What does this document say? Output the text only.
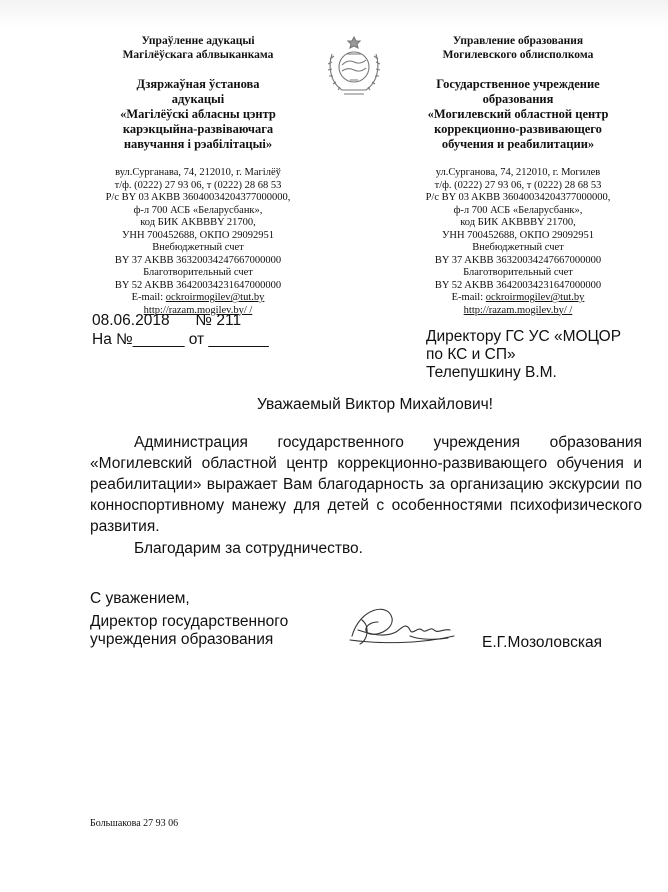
Упраўленне адукацыі
Магілёўскага аблвыканкама
Дзяржаўная ўстанова
адукацыі
«Магілёўскі абласны цэнтр
карэкцыйна-развіваючага
навучання і рэабілітацыі»
вул.Сурганава, 74, 212010, г. Магілёў
т/ф. (0222) 27 93 06, т (0222) 28 68 53
Р/с BY 03 AKBB 36040034204377000000,
ф-л 700 АСБ «Беларусбанк»,
код БИК AKBBBY 21700,
УНН 700452688, ОКПО 29092951
Внебюджетный счет
BY 37 AKBB 36320034247667000000
Благотворительный счет
BY 52 AKBB 36420034231647000000
E-mail: ockroirmogilev@tut.by
http://razam.mogilev.by/ /
Управление образования
Могилевского облисполкома
Государственное учреждение
образования
«Могилевский областной центр
коррекционно-развивающего
обучения и реабилитации»
ул.Сурганова, 74, 212010, г. Могилев
т/ф. (0222) 27 93 06, т (0222) 28 68 53
Р/с BY 03 AKBB 36040034204377000000,
ф-л 700 АСБ «Беларусбанк»,
код БИК AKBBBY 21700,
УНН 700452688, ОКПО 29092951
Внебюджетный счет
BY 37 AKBB 36320034247667000000
Благотворительный счет
BY 52 AKBB 36420034231647000000
E-mail: ockroirmogilev@tut.by
http://razam.mogilev.by/ /
08.06.2018 № 211
На №______ от _______	Директору ГС УС «МОЦОР
по КС и СП»
Телепушкину В.М.
Уважаемый Виктор Михайлович!
Администрация государственного учреждения образования
«Могилевский областной центр коррекционно-развивающего обучения и
реабилитации» выражает Вам благодарность за организацию экскурсии по
конноспортивному манежу для детей с особенностями психофизического
развития.
Благодарим за сотрудничество.
С уважением,
Директор государственного
учреждения образования	Е.Г.Мозоловская
Большакова 27 93 06
